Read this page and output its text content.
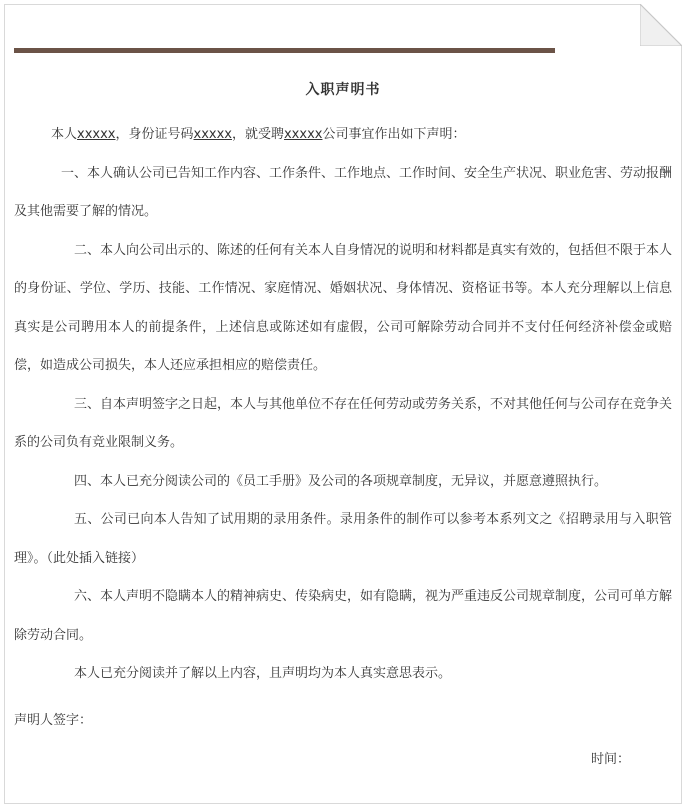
入职声明书

本人xxxxx，身份证号码xxxxx，就受聘xxxxx公司事宜作出如下声明：

一、本人确认公司已告知工作内容、工作条件、工作地点、工作时间、安全生产状况、职业危害、劳动报酬及其他需要了解的情况。

二、本人向公司出示的、陈述的任何有关本人自身情况的说明和材料都是真实有效的，包括但不限于本人的身份证、学位、学历、技能、工作情况、家庭情况、婚姻状况、身体情况、资格证书等。本人充分理解以上信息真实是公司聘用本人的前提条件，上述信息或陈述如有虚假，公司可解除劳动合同并不支付任何经济补偿金或赔偿，如造成公司损失，本人还应承担相应的赔偿责任。

三、自本声明签字之日起，本人与其他单位不存在任何劳动或劳务关系，不对其他任何与公司存在竞争关系的公司负有竞业限制义务。

四、本人已充分阅读公司的《员工手册》及公司的各项规章制度，无异议，并愿意遵照执行。

五、公司已向本人告知了试用期的录用条件。录用条件的制作可以参考本系列文之《招聘录用与入职管理》。（此处插入链接）

六、本人声明不隐瞒本人的精神病史、传染病史，如有隐瞒，视为严重违反公司规章制度，公司可单方解除劳动合同。

本人已充分阅读并了解以上内容，且声明均为本人真实意思表示。

声明人签字：
时间：
